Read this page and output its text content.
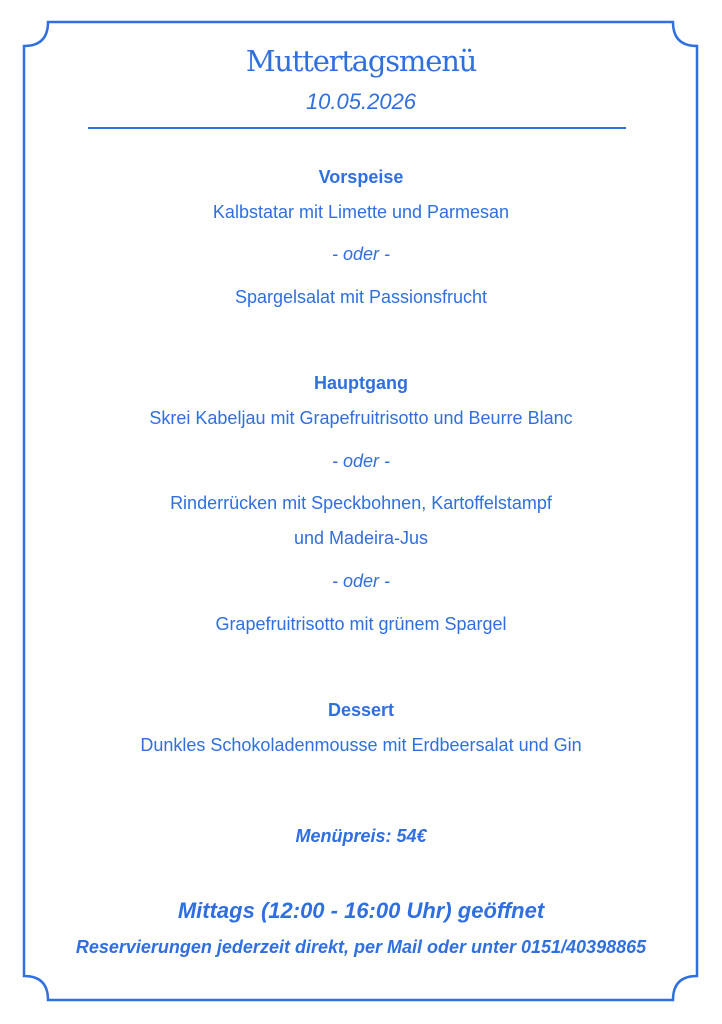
Muttertagsmenü
10.05.2026
Vorspeise
Kalbstatar mit Limette und Parmesan
- oder -
Spargelsalat mit Passionsfrucht
Hauptgang
Skrei Kabeljau mit Grapefruitrisotto und Beurre Blanc
- oder -
Rinderrücken mit Speckbohnen, Kartoffelstampf
und Madeira-Jus
- oder -
Grapefruitrisotto mit grünem Spargel
Dessert
Dunkles Schokoladenmousse mit Erdbeersalat und Gin
Menüpreis: 54€
Mittags (12:00 - 16:00 Uhr) geöffnet
Reservierungen jederzeit direkt, per Mail oder unter 0151/40398865
